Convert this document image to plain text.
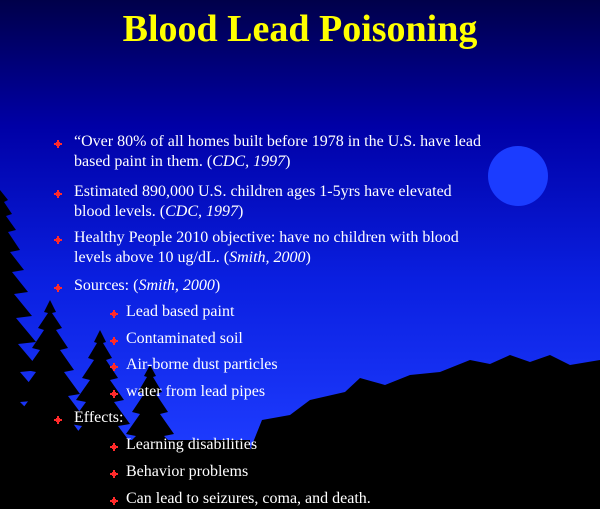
Blood Lead Poisoning
“Over 80% of all homes built before 1978 in the U.S. have lead
based paint in them. (CDC, 1997)
Estimated 890,000 U.S. children ages 1-5yrs have elevated
blood levels. (CDC, 1997)
Healthy People 2010 objective: have no children with blood
levels above 10 ug/dL. (Smith, 2000)
Sources: (Smith, 2000)
Lead based paint
Contaminated soil
Air-borne dust particles
water from lead pipes
Effects:
Learning disabilities
Behavior problems
Can lead to seizures, coma, and death.
